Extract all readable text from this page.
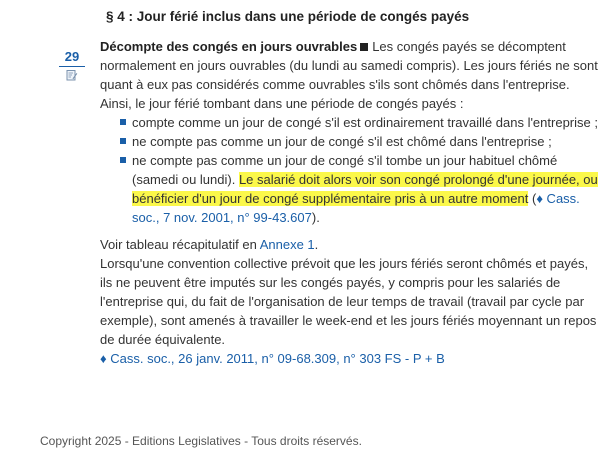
§ 4 : Jour férié inclus dans une période de congés payés
29

Décompte des congés en jours ouvrables Les congés payés se décomptent normalement en jours ouvrables (du lundi au samedi compris). Les jours fériés ne sont quant à eux pas considérés comme ouvrables s'ils sont chômés dans l'entreprise.

Ainsi, le jour férié tombant dans une période de congés payés :

compte comme un jour de congé s'il est ordinairement travaillé dans l'entreprise ;
ne compte pas comme un jour de congé s'il est chômé dans l'entreprise ;
ne compte pas comme un jour de congé s'il tombe un jour habituel chômé (samedi ou lundi). Le salarié doit alors voir son congé prolongé d'une journée, ou bénéficier d'un jour de congé supplémentaire pris à un autre moment (♦ Cass. soc., 7 nov. 2001, n° 99-43.607).

Voir tableau récapitulatif en Annexe 1.

Lorsqu'une convention collective prévoit que les jours fériés seront chômés et payés, ils ne peuvent être imputés sur les congés payés, y compris pour les salariés de l'entreprise qui, du fait de l'organisation de leur temps de travail (travail par cycle par exemple), sont amenés à travailler le week-end et les jours fériés moyennant un repos de durée équivalente.

♦ Cass. soc., 26 janv. 2011, n° 09-68.309, n° 303 FS - P + B

Copyright 2025 - Editions Legislatives - Tous droits réservés.
